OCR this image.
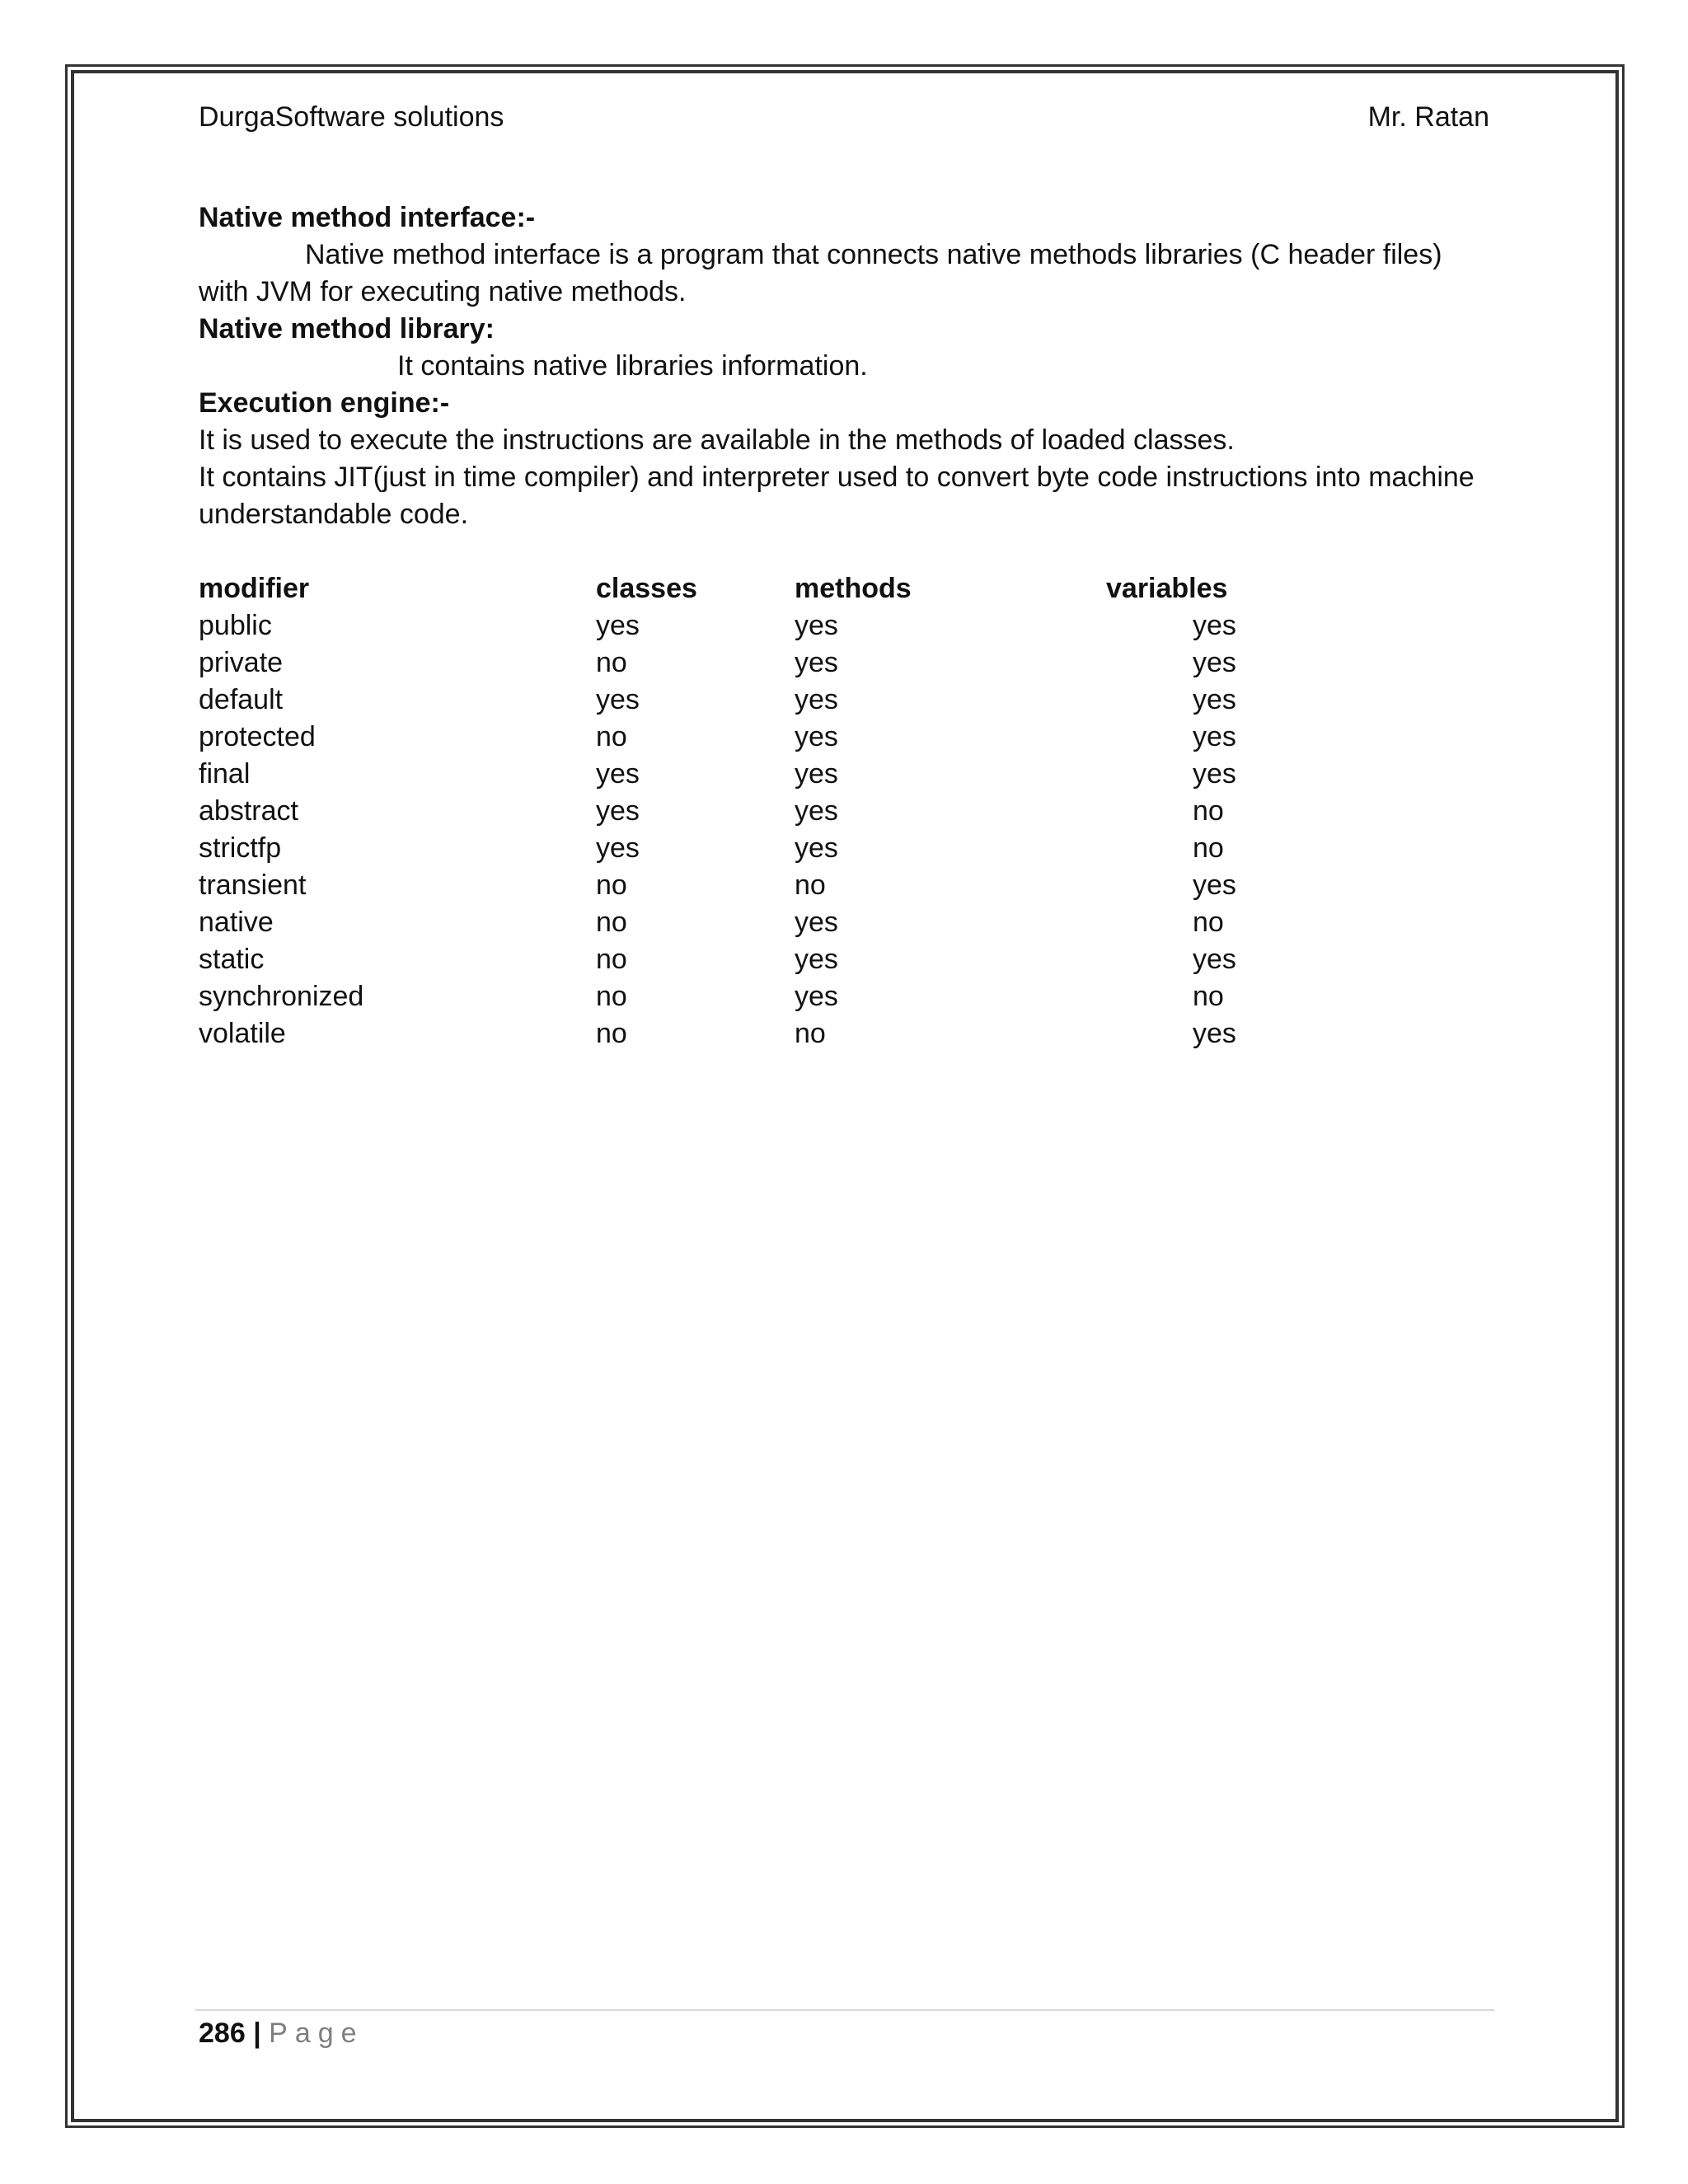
DurgaSoftware solutions	Mr. Ratan

Native method interface:-

Native method interface is a program that connects native methods libraries (C header files)

with JVM for executing native methods.

Native method library:

It contains native libraries information.

Execution engine:-

It is used to execute the instructions are available in the methods of loaded classes.

It contains JIT(just in time compiler) and interpreter used to convert byte code instructions into machine

understandable code.

modifier	classes	methods	variables
public	yes	yes	yes
private	no	yes	yes
default	yes	yes	yes
protected	no	yes	yes
final	yes	yes	yes
abstract	yes	yes	no
strictfp	yes	yes	no
transient	no	no	yes
native	no	yes	no
static	no	yes	yes
synchronized	no	yes	no
volatile	no	no	yes
286 | Page
